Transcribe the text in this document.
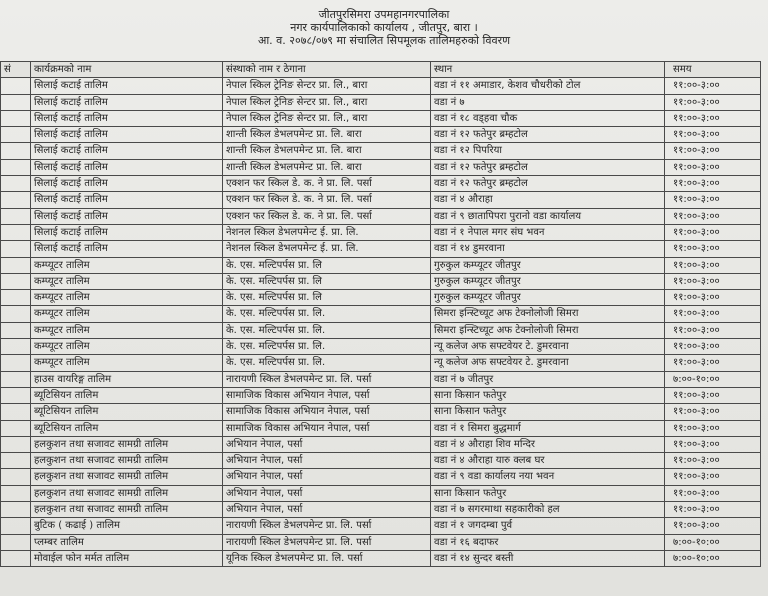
जीतपुरसिमरा उपमहानगरपालिका
नगर कार्यपालिकाको कार्यालय , जीतपुर, बारा ।
आ. व. २०७८/०७९ मा संचालित सिपमूलक तालिमहरुको विवरण
सं	कार्यक्रमको नाम	संस्थाको नाम र ठेगाना	स्थान	समय
	सिलाई कटाई तालिम	नेपाल स्किल ट्रेनिङ सेन्टर प्रा. लि., बारा	वडा नं ११ अमाडार, केशव चौधरीको टोल	११:००-३:००
	सिलाई कटाई तालिम	नेपाल स्किल ट्रेनिङ सेन्टर प्रा. लि., बारा	वडा नं ७	११:००-३:००
	सिलाई कटाई तालिम	नेपाल स्किल ट्रेनिङ सेन्टर प्रा. लि., बारा	वडा नं १८ वड्हवा चौक	११:००-३:००
	सिलाई कटाई तालिम	शान्ती स्किल डेभलपमेन्ट प्रा. लि. बारा	वडा नं १२ फतेपुर ब्रम्हटोल	११:००-३:००
	सिलाई कटाई तालिम	शान्ती स्किल डेभलपमेन्ट प्रा. लि. बारा	वडा नं १२ पिपरिया	११:००-३:००
	सिलाई कटाई तालिम	शान्ती स्किल डेभलपमेन्ट प्रा. लि. बारा	वडा नं १२ फतेपुर ब्रम्हटोल	११:००-३:००
	सिलाई कटाई तालिम	एक्शन फर स्किल डे. क. ने प्रा. लि. पर्सा	वडा नं १२ फतेपुर ब्रम्हटोल	११:००-३:००
	सिलाई कटाई तालिम	एक्शन फर स्किल डे. क. ने प्रा. लि. पर्सा	वडा नं ४ औराहा	११:००-३:००
	सिलाई कटाई तालिम	एक्शन फर स्किल डे. क. ने प्रा. लि. पर्सा	वडा नं ९ छातापिपरा पुरानो वडा कार्यालय	११:००-३:००
	सिलाई कटाई तालिम	नेशनल स्किल डेभलपमेन्ट ई. प्रा. लि.	वडा नं १ नेपाल मगर संघ भवन	११:००-३:००
	सिलाई कटाई तालिम	नेशनल स्किल डेभलपमेन्ट ई. प्रा. लि.	वडा नं १४ डुमरवाना	११:००-३:००
	कम्प्यूटर तालिम	के. एस. मल्टिपर्पस प्रा. लि	गुरुकुल कम्प्यूटर जीतपुर	११:००-३:००
	कम्प्यूटर तालिम	के. एस. मल्टिपर्पस प्रा. लि	गुरुकुल कम्प्यूटर जीतपुर	११:००-३:००
	कम्प्यूटर तालिम	के. एस. मल्टिपर्पस प्रा. लि	गुरुकुल कम्प्यूटर जीतपुर	११:००-३:००
	कम्प्यूटर तालिम	के. एस. मल्टिपर्पस प्रा. लि.	सिमरा इन्स्टिच्यूट अफ टेक्नोलोजी सिमरा	११:००-३:००
	कम्प्यूटर तालिम	के. एस. मल्टिपर्पस प्रा. लि.	सिमरा इन्स्टिच्यूट अफ टेक्नोलोजी सिमरा	११:००-३:००
	कम्प्यूटर तालिम	के. एस. मल्टिपर्पस प्रा. लि.	न्यू कलेज अफ सफ्टवेयर टे. डुमरवाना	११:००-३:००
	कम्प्यूटर तालिम	के. एस. मल्टिपर्पस प्रा. लि.	न्यू कलेज अफ सफ्टवेयर टे. डुमरवाना	११:००-३:००
	हाउस वायरिङ्ग तालिम	नारायणी स्किल डेभलपमेन्ट प्रा. लि. पर्सा	वडा नं ७ जीतपुर	७:००-१०:००
	ब्यूटिसियन तालिम	सामाजिक विकास अभियान नेपाल, पर्सा	साना किसान फतेपुर	११:००-३:००
	ब्यूटिसियन तालिम	सामाजिक विकास अभियान नेपाल, पर्सा	साना किसान फतेपुर	११:००-३:००
	ब्यूटिसियन तालिम	सामाजिक विकास अभियान नेपाल, पर्सा	वडा नं १ सिमरा बुद्धमार्ग	११:००-३:००
	हलकुशन तथा सजावट सामग्री तालिम	अभियान नेपाल, पर्सा	वडा नं ४ औराहा शिव मन्दिर	११:००-३:००
	हलकुशन तथा सजावट सामग्री तालिम	अभियान नेपाल, पर्सा	वडा नं ४ औराहा यारु क्लब घर	११:००-३:००
	हलकुशन तथा सजावट सामग्री तालिम	अभियान नेपाल, पर्सा	वडा नं ९ वडा कार्यालय नया भवन	११:००-३:००
	हलकुशन तथा सजावट सामग्री तालिम	अभियान नेपाल, पर्सा	साना किसान फतेपुर	११:००-३:००
	हलकुशन तथा सजावट सामग्री तालिम	अभियान नेपाल, पर्सा	वडा नं ७ सगरमाथा सहकारीको हल	११:००-३:००
	बुटिक ( कढाई ) तालिम	नारायणी स्किल डेभलपमेन्ट प्रा. लि. पर्सा	वडा नं १ जगदम्बा पुर्व	११:००-३:००
	प्लम्बर तालिम	नारायणी स्किल डेभलपमेन्ट प्रा. लि. पर्सा	वडा नं १६ बदाफर	७:००-१०:००
	मोवाईल फोन मर्मत तालिम	यूनिक स्किल डेभलपमेन्ट प्रा. लि. पर्सा	वडा नं १४ सुन्दर बस्ती	७:००-१०:००
